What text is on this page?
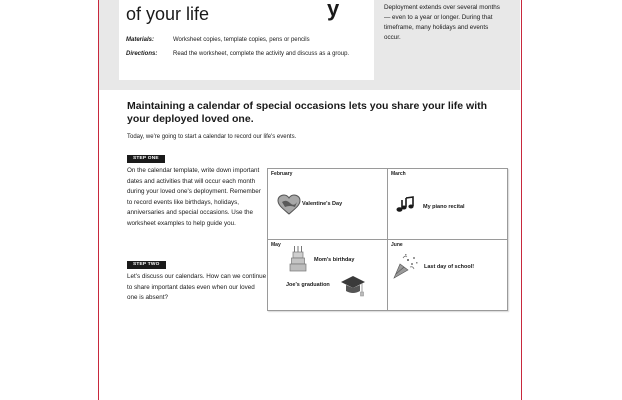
y
of your life
Materials:	Worksheet copies, template copies, pens or pencils
Directions:	Read the worksheet, complete the activity and discuss as a group.
Deployment extends over several months — even to a year or longer. During that timeframe, many holidays and events occur.
Maintaining a calendar of special occasions lets you share your life with your deployed loved one.
Today, we're going to start a calendar to record our life's events.
STEP ONE
On the calendar template, write down important dates and activities that will occur each month during your loved one's deployment. Remember to record events like birthdays, holidays, anniversaries and special occasions. Use the worksheet examples to help guide you.
STEP TWO
Let's discuss our calendars. How can we continue to share important dates even when our loved one is absent?
February
Valentine's Day
March
My piano recital
May
Mom's birthday
Joe's graduation
June
Last day of school!
